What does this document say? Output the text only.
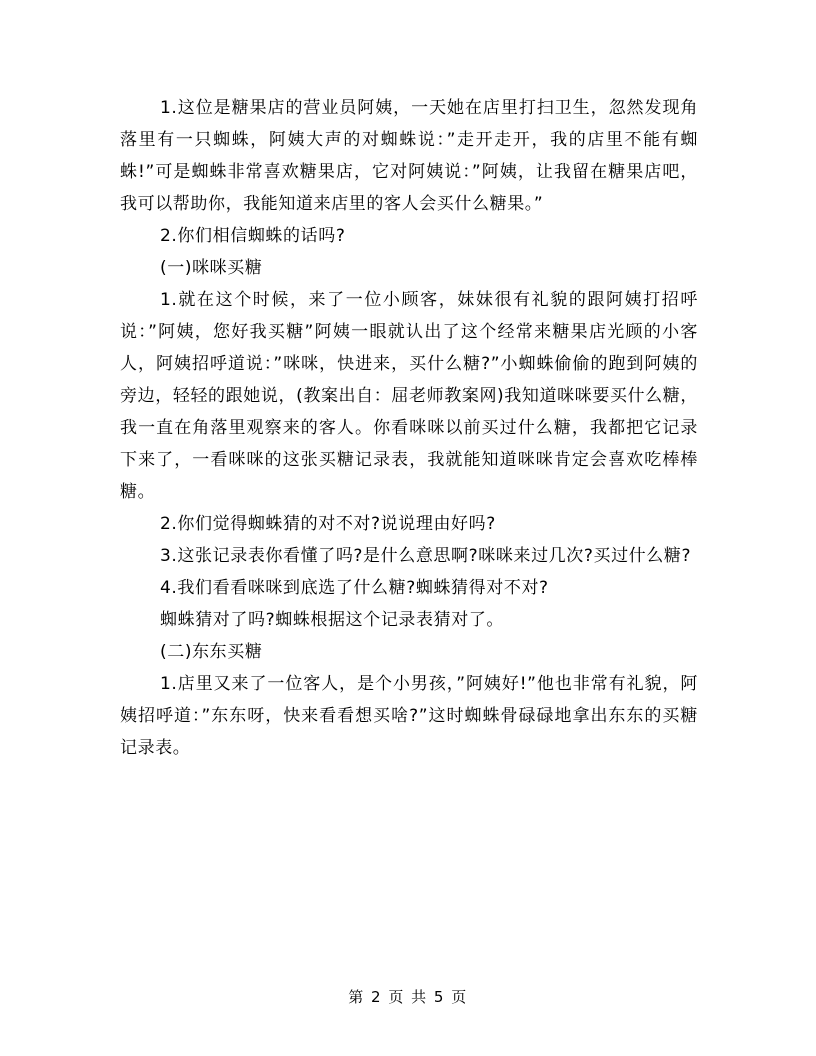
1.这位是糖果店的营业员阿姨，一天她在店里打扫卫生，忽然发现角落里有一只蜘蛛，阿姨大声的对蜘蛛说：”走开走开，我的店里不能有蜘蛛!”可是蜘蛛非常喜欢糖果店，它对阿姨说：”阿姨，让我留在糖果店吧，我可以帮助你，我能知道来店里的客人会买什么糖果。”

2.你们相信蜘蛛的话吗?

(一)咪咪买糖

1.就在这个时候，来了一位小顾客，妹妹很有礼貌的跟阿姨打招呼说：”阿姨，您好我买糖”阿姨一眼就认出了这个经常来糖果店光顾的小客人，阿姨招呼道说：”咪咪，快进来，买什么糖?”小蜘蛛偷偷的跑到阿姨的旁边，轻轻的跟她说，(教案出自：屈老师教案网)我知道咪咪要买什么糖，我一直在角落里观察来的客人。你看咪咪以前买过什么糖，我都把它记录下来了，一看咪咪的这张买糖记录表，我就能知道咪咪肯定会喜欢吃棒棒糖。

2.你们觉得蜘蛛猜的对不对?说说理由好吗?

3.这张记录表你看懂了吗?是什么意思啊?咪咪来过几次?买过什么糖?

4.我们看看咪咪到底选了什么糖?蜘蛛猜得对不对?

蜘蛛猜对了吗?蜘蛛根据这个记录表猜对了。

(二)东东买糖

1.店里又来了一位客人，是个小男孩，”阿姨好!”他也非常有礼貌，阿姨招呼道：”东东呀，快来看看想买啥?”这时蜘蛛骨碌碌地拿出东东的买糖记录表。

第 2 页 共 5 页
